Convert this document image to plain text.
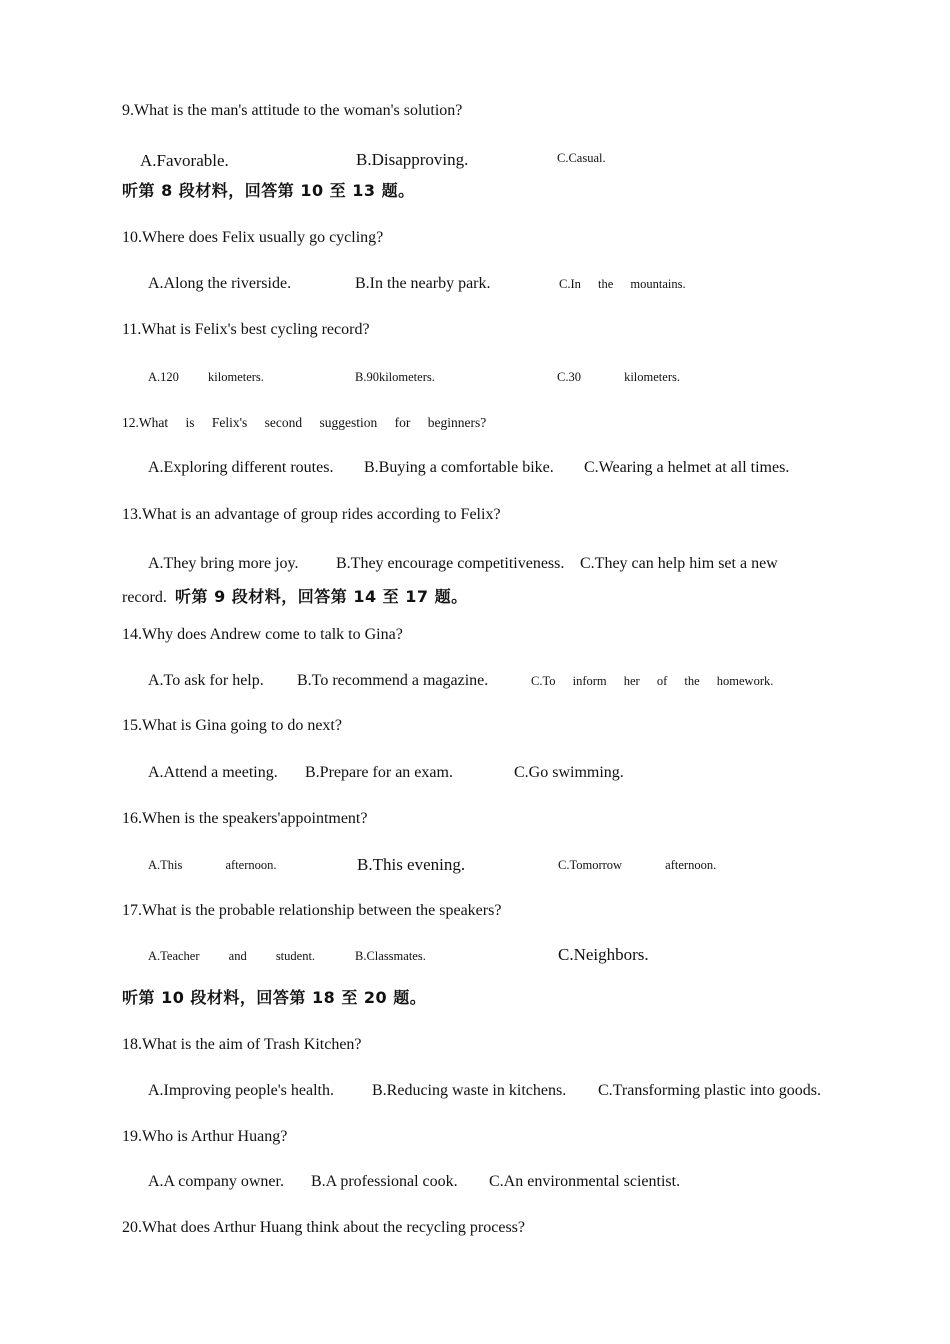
9.What is the man's attitude to the woman's solution?
A.Favorable.	B.Disapproving.	C.Casual.
听第 8 段材料，回答第 10 至 13 题。
10.Where does Felix usually go cycling?
A.Along the riverside.	B.In the nearby park.	C.In the mountains.
11.What is Felix's best cycling record?
A.120 kilometers.	B.90kilometers.	C.30 kilometers.
12.What is Felix's second suggestion for beginners?
A.Exploring different routes. B.Buying a comfortable bike. C.Wearing a helmet at all times.
13.What is an advantage of group rides according to Felix?
A.They bring more joy. B.They encourage competitiveness. C.They can help him set a new
record. 听第 9 段材料，回答第 14 至 17 题。
14.Why does Andrew come to talk to Gina?
A.To ask for help. B.To recommend a magazine.	C.To inform her of the homework.
15.What is Gina going to do next?
A.Attend a meeting. B.Prepare for an exam.	C.Go swimming.
16.When is the speakers'appointment?
A.This afternoon.	B.This evening.	C.Tomorrow afternoon.
17.What is the probable relationship between the speakers?
A.Teacher and student.	B.Classmates.	C.Neighbors.
听第 10 段材料，回答第 18 至 20 题。
18.What is the aim of Trash Kitchen?
A.Improving people's health. B.Reducing waste in kitchens. C.Transforming plastic into goods.
19.Who is Arthur Huang?
A.A company owner. B.A professional cook. C.An environmental scientist.
20.What does Arthur Huang think about the recycling process?
